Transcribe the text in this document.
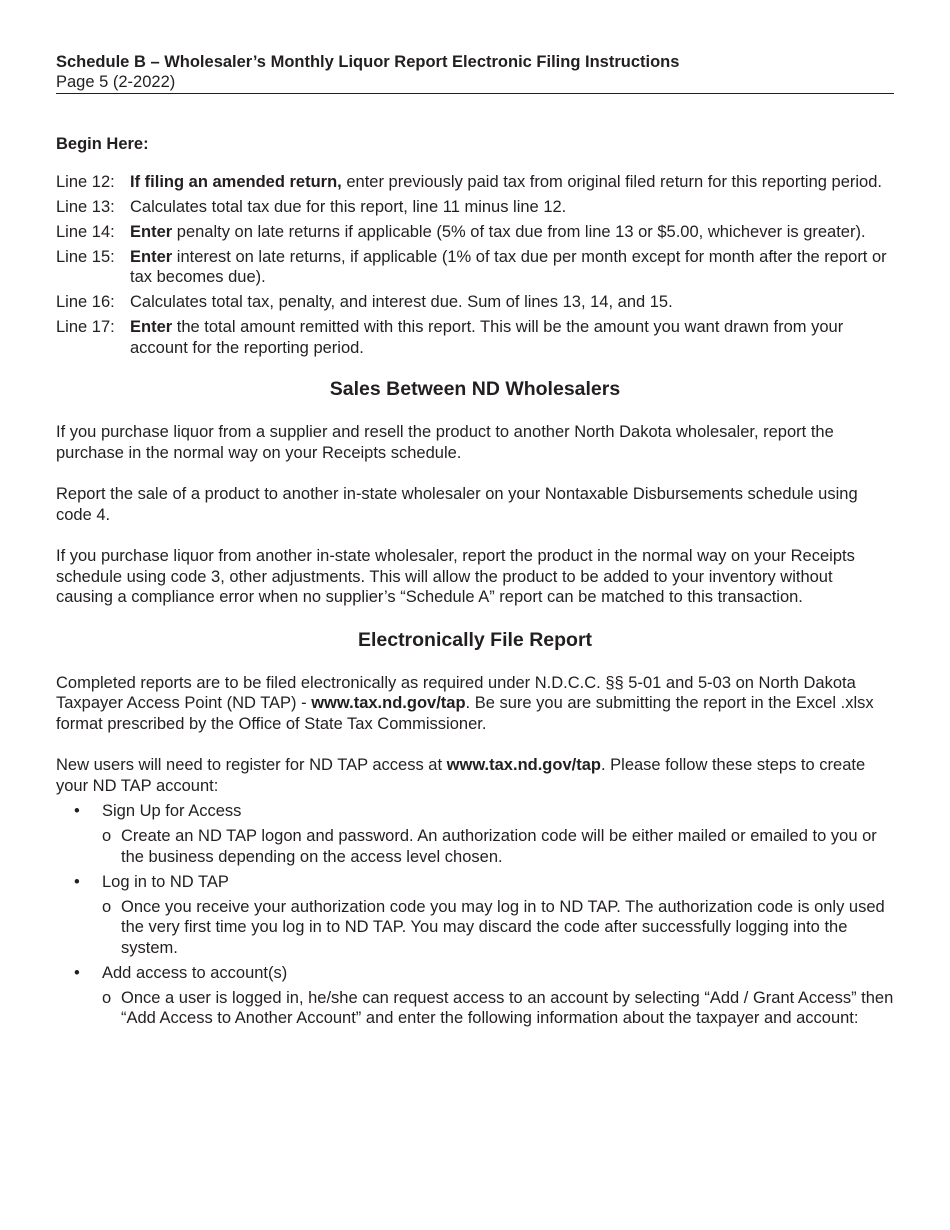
Schedule B – Wholesaler’s Monthly Liquor Report Electronic Filing Instructions
Page 5 (2-2022)
Begin Here:
Line 12: If filing an amended return, enter previously paid tax from original filed return for this reporting period.
Line 13: Calculates total tax due for this report, line 11 minus line 12.
Line 14: Enter penalty on late returns if applicable (5% of tax due from line 13 or $5.00, whichever is greater).
Line 15: Enter interest on late returns, if applicable (1% of tax due per month except for month after the report or tax becomes due).
Line 16: Calculates total tax, penalty, and interest due. Sum of lines 13, 14, and 15.
Line 17: Enter the total amount remitted with this report. This will be the amount you want drawn from your account for the reporting period.
Sales Between ND Wholesalers

If you purchase liquor from a supplier and resell the product to another North Dakota wholesaler, report the purchase in the normal way on your Receipts schedule.

Report the sale of a product to another in-state wholesaler on your Nontaxable Disbursements schedule using code 4.

If you purchase liquor from another in-state wholesaler, report the product in the normal way on your Receipts schedule using code 3, other adjustments. This will allow the product to be added to your inventory without causing a compliance error when no supplier’s “Schedule A” report can be matched to this transaction.

Electronically File Report

Completed reports are to be filed electronically as required under N.D.C.C. §§ 5-01 and 5-03 on North Dakota Taxpayer Access Point (ND TAP) - www.tax.nd.gov/tap. Be sure you are submitting the report in the Excel .xlsx format prescribed by the Office of State Tax Commissioner.

New users will need to register for ND TAP access at www.tax.nd.gov/tap. Please follow these steps to create your ND TAP account:

• Sign Up for Access
o Create an ND TAP logon and password. An authorization code will be either mailed or emailed to you or the business depending on the access level chosen.
• Log in to ND TAP
o Once you receive your authorization code you may log in to ND TAP. The authorization code is only used the very first time you log in to ND TAP. You may discard the code after successfully logging into the system.
• Add access to account(s)
o Once a user is logged in, he/she can request access to an account by selecting “Add / Grant Access” then “Add Access to Another Account” and enter the following information about the taxpayer and account:
